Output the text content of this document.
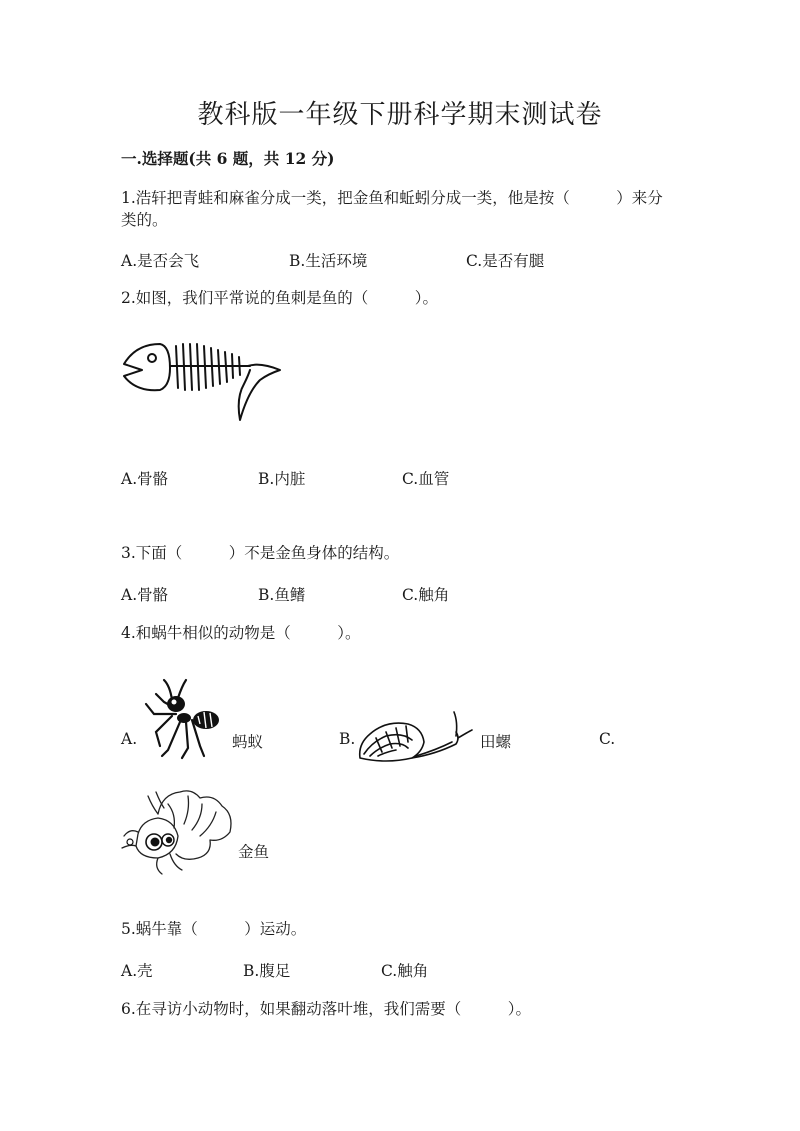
教科版一年级下册科学期末测试卷
一.选择题(共 6 题，共 12 分)
1.浩轩把青蛙和麻雀分成一类，把金鱼和蚯蚓分成一类，他是按（　　　）来分
类的。
A.是否会飞	B.生活环境	C.是否有腿
2.如图，我们平常说的鱼刺是鱼的（　　　）。
A.骨骼	B.内脏	C.血管
3.下面（　　　）不是金鱼身体的结构。
A.骨骼	B.鱼鳍	C.触角
4.和蜗牛相似的动物是（　　　）。
A.	蚂蚁	B.	田螺	C.
金鱼
5.蜗牛靠（　　　）运动。
A.壳	B.腹足	C.触角
6.在寻访小动物时，如果翻动落叶堆，我们需要（　　　）。
